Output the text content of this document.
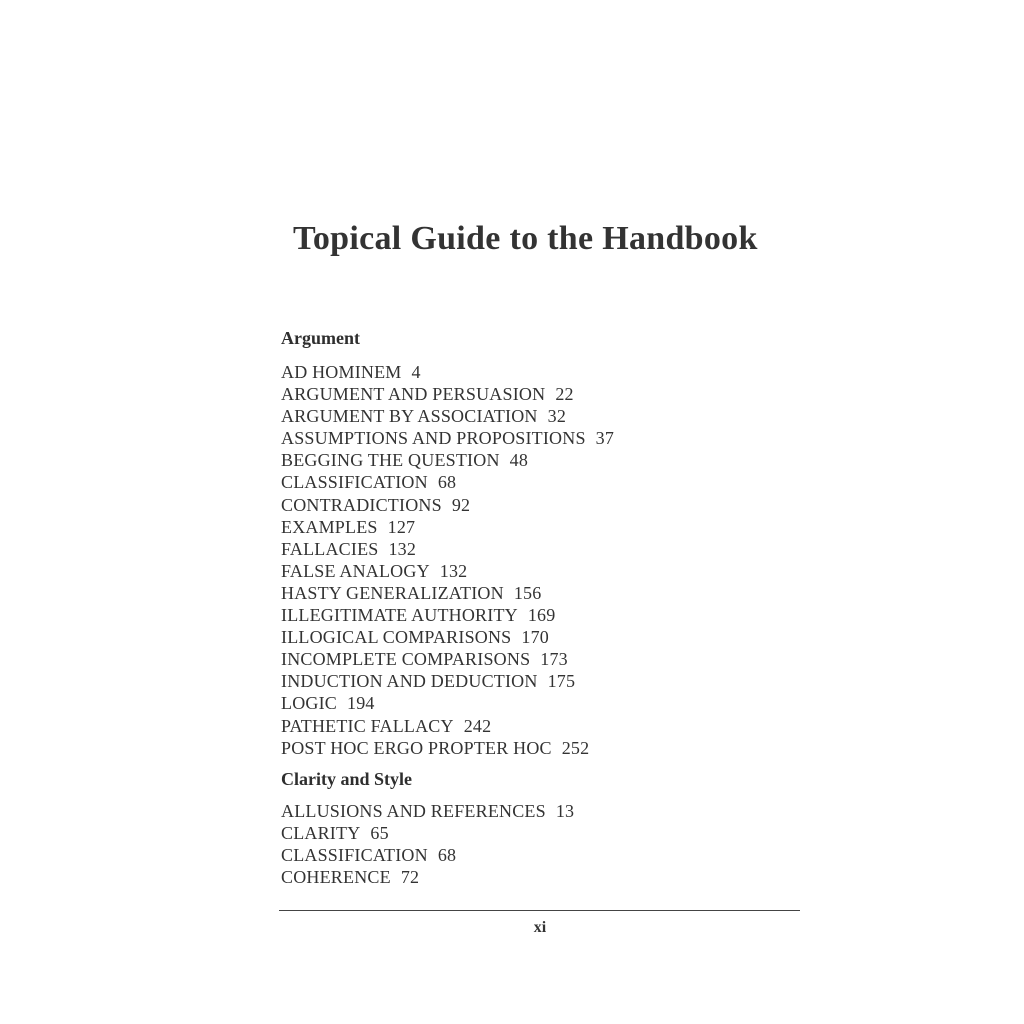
Topical Guide to the Handbook
Argument
AD HOMINEM 4
ARGUMENT AND PERSUASION 22
ARGUMENT BY ASSOCIATION 32
ASSUMPTIONS AND PROPOSITIONS 37
BEGGING THE QUESTION 48
CLASSIFICATION 68
CONTRADICTIONS 92
EXAMPLES 127
FALLACIES 132
FALSE ANALOGY 132
HASTY GENERALIZATION 156
ILLEGITIMATE AUTHORITY 169
ILLOGICAL COMPARISONS 170
INCOMPLETE COMPARISONS 173
INDUCTION AND DEDUCTION 175
LOGIC 194
PATHETIC FALLACY 242
POST HOC ERGO PROPTER HOC 252
Clarity and Style
ALLUSIONS AND REFERENCES 13
CLARITY 65
CLASSIFICATION 68
COHERENCE 72
xi
